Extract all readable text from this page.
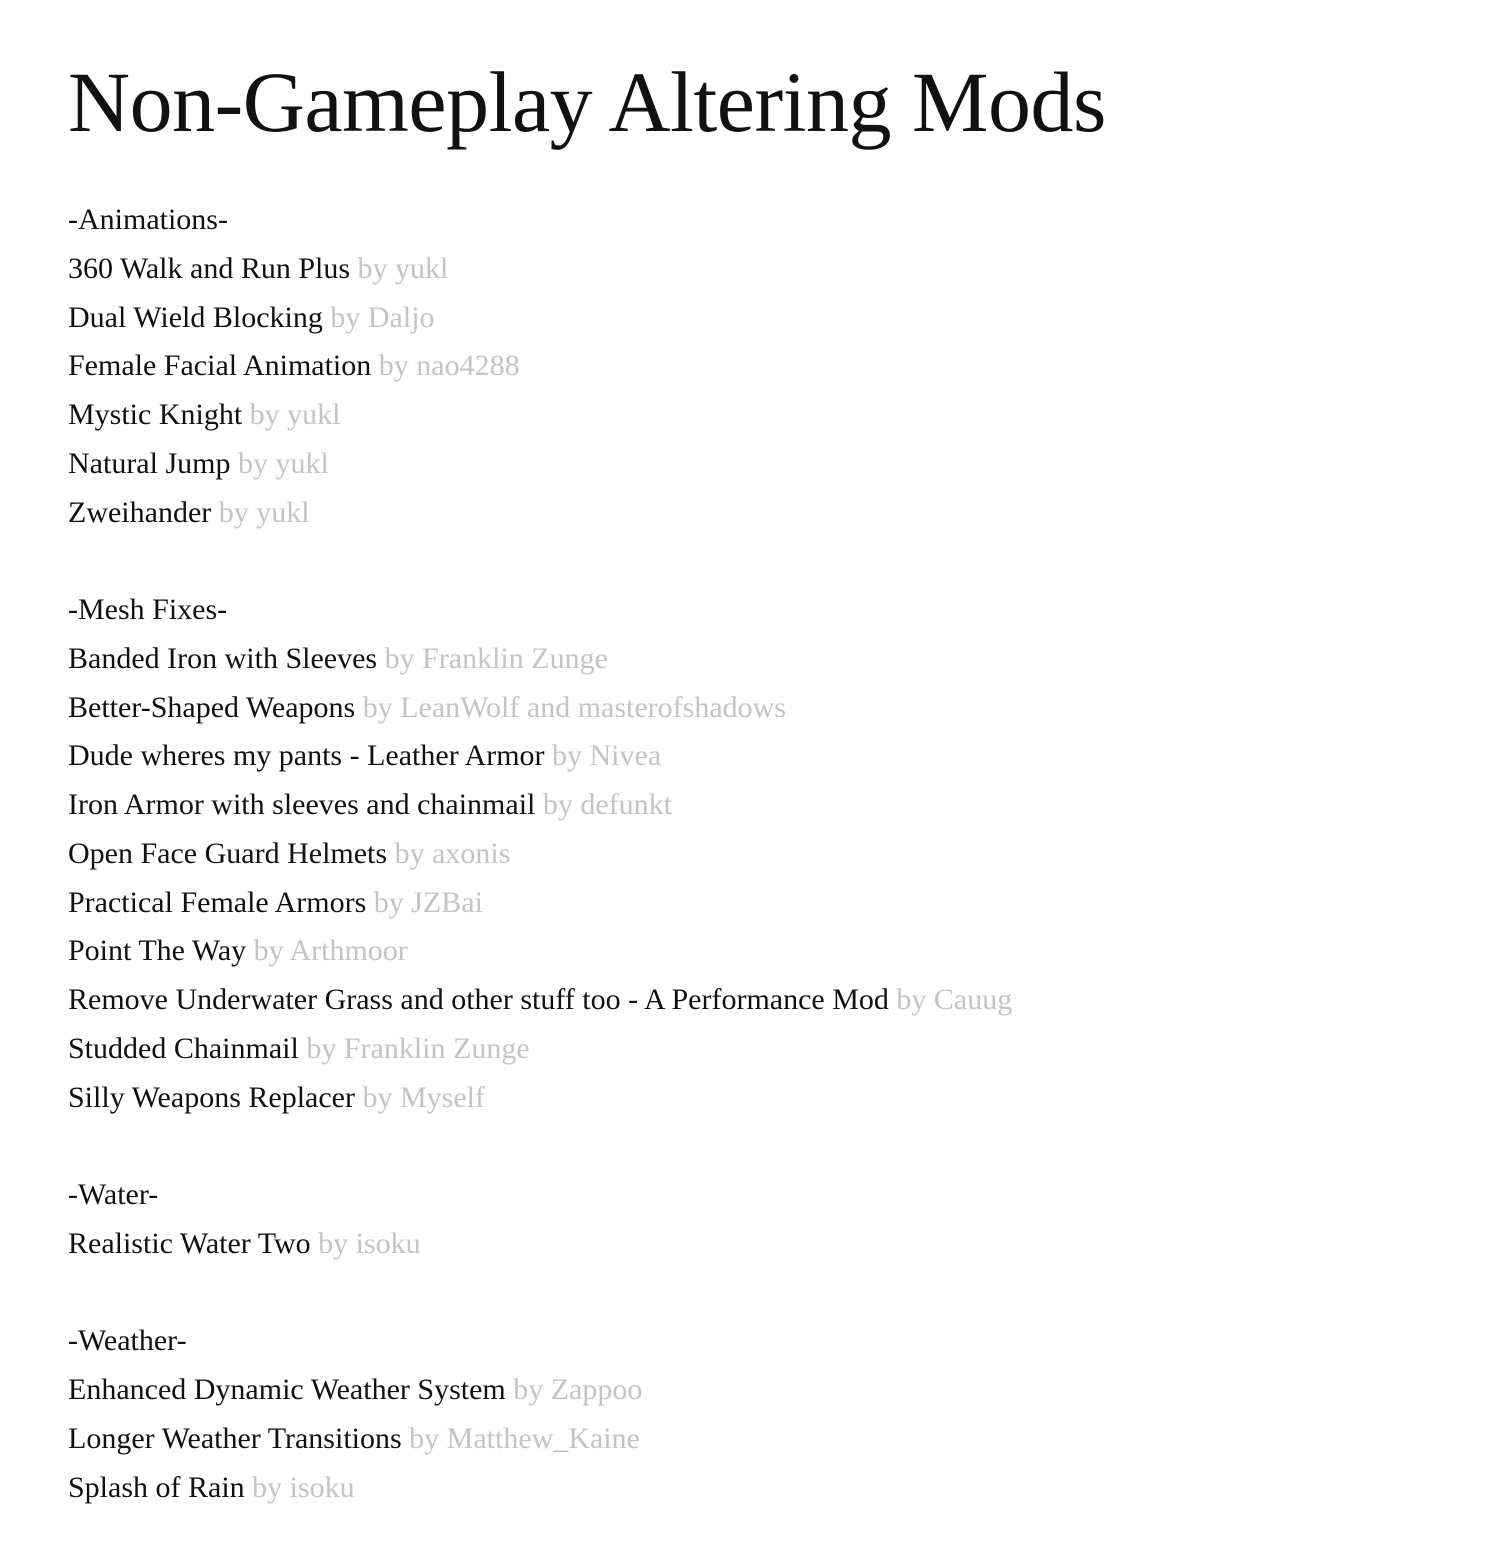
Non-Gameplay Altering Mods
-Animations-
360 Walk and Run Plus by yukl
Dual Wield Blocking by Daljo
Female Facial Animation by nao4288
Mystic Knight by yukl
Natural Jump by yukl
Zweihander by yukl
-Mesh Fixes-
Banded Iron with Sleeves by Franklin Zunge
Better-Shaped Weapons by LeanWolf and masterofshadows
Dude wheres my pants - Leather Armor by Nivea
Iron Armor with sleeves and chainmail by defunkt
Open Face Guard Helmets by axonis
Practical Female Armors by JZBai
Point The Way by Arthmoor
Remove Underwater Grass and other stuff too - A Performance Mod by Cauug
Studded Chainmail by Franklin Zunge
Silly Weapons Replacer by Myself
-Water-
Realistic Water Two by isoku
-Weather-
Enhanced Dynamic Weather System by Zappoo
Longer Weather Transitions by Matthew_Kaine
Splash of Rain by isoku
